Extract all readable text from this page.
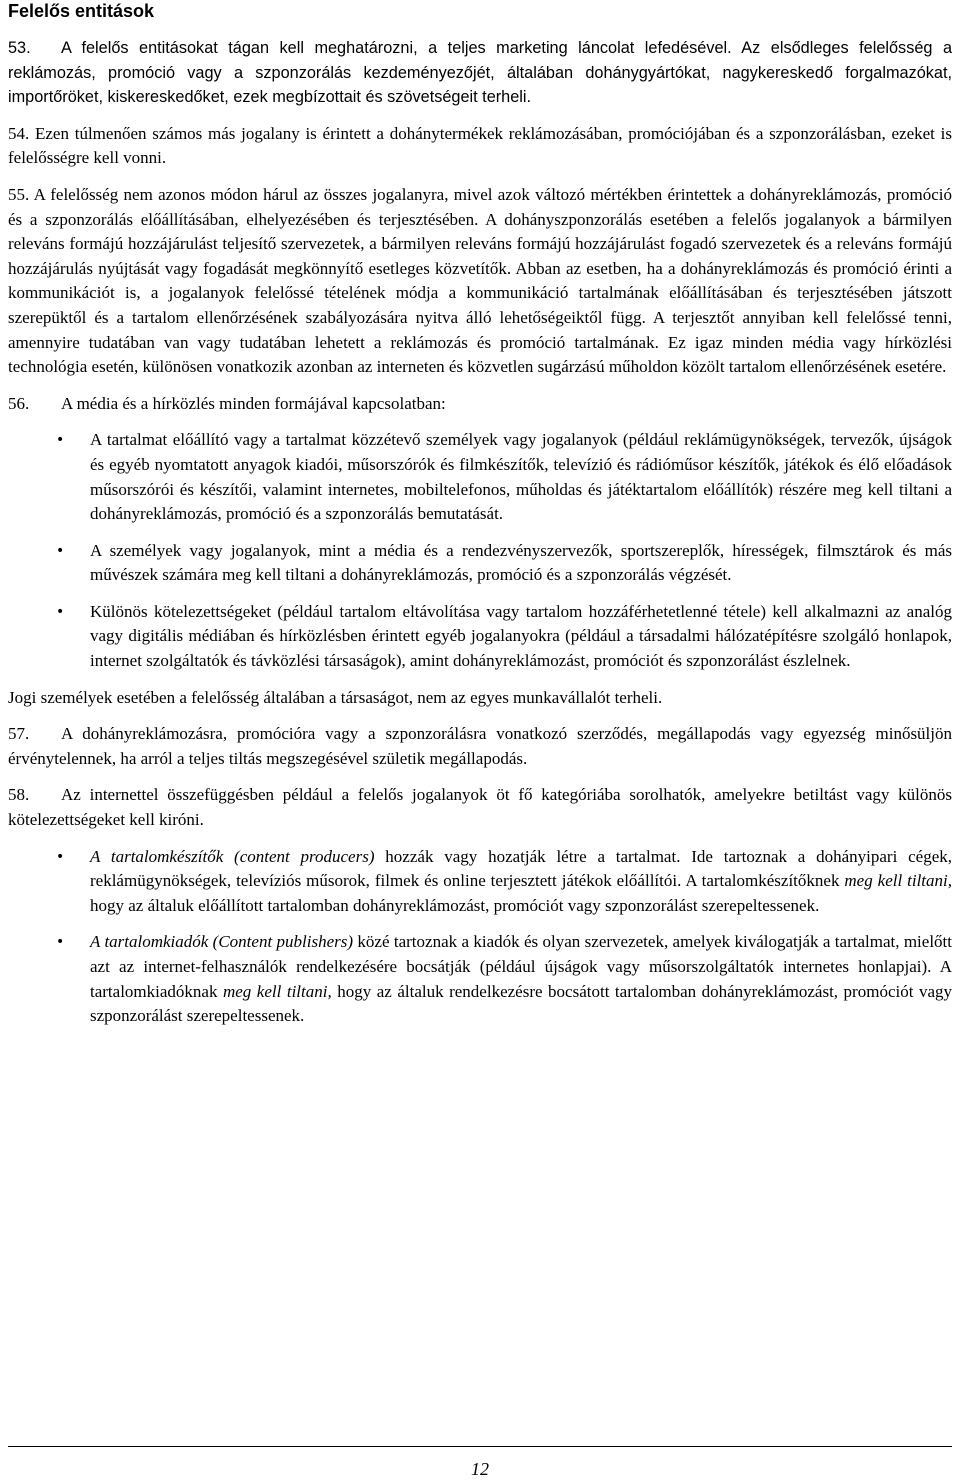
Felelős entitások

53. A felelős entitásokat tágan kell meghatározni, a teljes marketing láncolat lefedésével. Az elsődleges felelősség a reklámozás, promóció vagy a szponzorálás kezdeményezőjét, általában dohánygyártókat, nagykereskedő forgalmazókat, importőröket, kiskereskedőket, ezek megbízottait és szövetségeit terheli.

54. Ezen túlmenően számos más jogalany is érintett a dohánytermékek reklámozásában, promóciójában és a szponzorálásban, ezeket is felelősségre kell vonni.

55. A felelősség nem azonos módon hárul az összes jogalanyra, mivel azok változó mértékben érintettek a dohányreklámozás, promóció és a szponzorálás előállításában, elhelyezésében és terjesztésében. A dohányszponzorálás esetében a felelős jogalanyok a bármilyen releváns formájú hozzájárulást teljesítő szervezetek, a bármilyen releváns formájú hozzájárulást fogadó szervezetek és a releváns formájú hozzájárulás nyújtását vagy fogadását megkönnyítő esetleges közvetítők. Abban az esetben, ha a dohányreklámozás és promóció érinti a kommunikációt is, a jogalanyok felelőssé tételének módja a kommunikáció tartalmának előállításában és terjesztésében játszott szerepüktől és a tartalom ellenőrzésének szabályozására nyitva álló lehetőségeiktől függ. A terjesztőt annyiban kell felelőssé tenni, amennyire tudatában van vagy tudatában lehetett a reklámozás és promóció tartalmának. Ez igaz minden média vagy hírközlési technológia esetén, különösen vonatkozik azonban az interneten és közvetlen sugárzású műholdon közölt tartalom ellenőrzésének esetére.

56. A média és a hírközlés minden formájával kapcsolatban:

• A tartalmat előállító vagy a tartalmat közzétevő személyek vagy jogalanyok (például reklámügynökségek, tervezők, újságok és egyéb nyomtatott anyagok kiadói, műsorszórók és filmkészítők, televízió és rádióműsor készítők, játékok és élő előadások műsorszórói és készítői, valamint internetes, mobiltelefonos, műholdas és játéktartalom előállítók) részére meg kell tiltani a dohányreklámozás, promóció és a szponzorálás bemutatását.
• A személyek vagy jogalanyok, mint a média és a rendezvényszervezők, sportszereplők, hírességek, filmsztárok és más művészek számára meg kell tiltani a dohányreklámozás, promóció és a szponzorálás végzését.
• Különös kötelezettségeket (például tartalom eltávolítása vagy tartalom hozzáférhetetlenné tétele) kell alkalmazni az analóg vagy digitális médiában és hírközlésben érintett egyéb jogalanyokra (például a társadalmi hálózatépítésre szolgáló honlapok, internet szolgáltatók és távközlési társaságok), amint dohányreklámozást, promóciót és szponzorálást észlelnek.

Jogi személyek esetében a felelősség általában a társaságot, nem az egyes munkavállalót terheli.

57. A dohányreklámozásra, promócióra vagy a szponzorálásra vonatkozó szerződés, megállapodás vagy egyezség minősüljön érvénytelennek, ha arról a teljes tiltás megszegésével születik megállapodás.

58. Az internettel összefüggésben például a felelős jogalanyok öt fő kategóriába sorolhatók, amelyekre betiltást vagy különös kötelezettségeket kell kiróni.

• A tartalomkészítők (content producers) hozzák vagy hozatják létre a tartalmat. Ide tartoznak a dohányipari cégek, reklámügynökségek, televíziós műsorok, filmek és online terjesztett játékok előállítói. A tartalomkészítőknek meg kell tiltani, hogy az általuk előállított tartalomban dohányreklámozást, promóciót vagy szponzorálást szerepeltessenek.
• A tartalomkiadók (Content publishers) közé tartoznak a kiadók és olyan szervezetek, amelyek kiválogatják a tartalmat, mielőtt azt az internet-felhasználók rendelkezésére bocsátják (például újságok vagy műsorszolgáltatók internetes honlapjai). A tartalomkiadóknak meg kell tiltani, hogy az általuk rendelkezésre bocsátott tartalomban dohányreklámozást, promóciót vagy szponzorálást szerepeltessenek.
12
